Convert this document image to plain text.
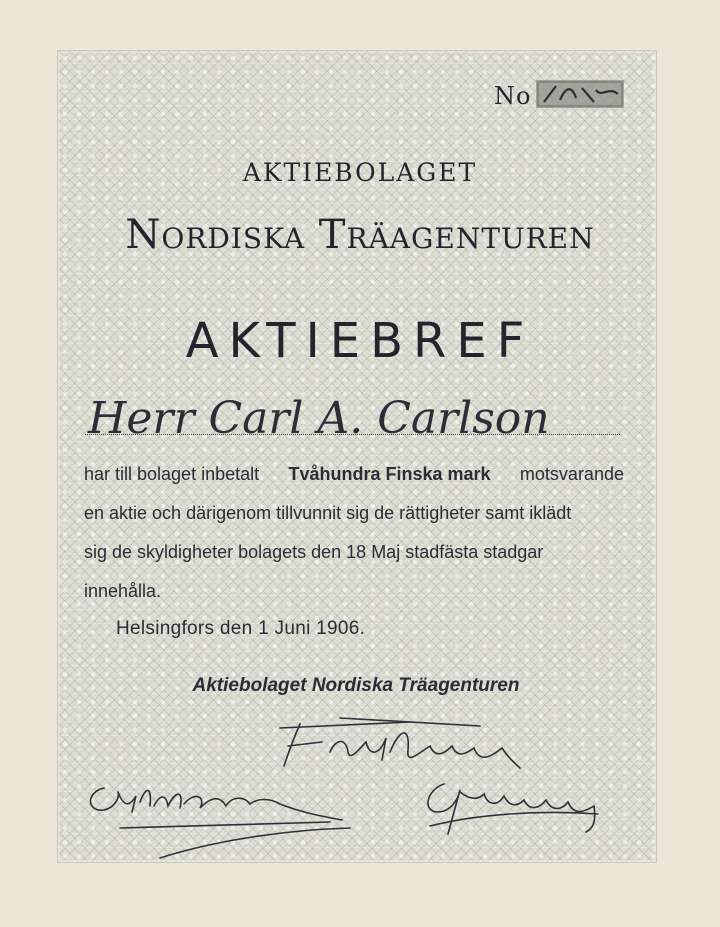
No
AKTIEBOLAGET
Nordiska Träagenturen
AKTIEBREF
Herr Carl A. Carlson
har till bolaget inbetalt Tvåhundra Finska mark motsvarande
en aktie och därigenom tillvunnit sig de rättigheter samt iklädt
sig de skyldigheter bolagets den 18 Maj stadfästa stadgar
innehålla.
Helsingfors den 1 Juni 1906.
Aktiebolaget Nordiska Träagenturen
